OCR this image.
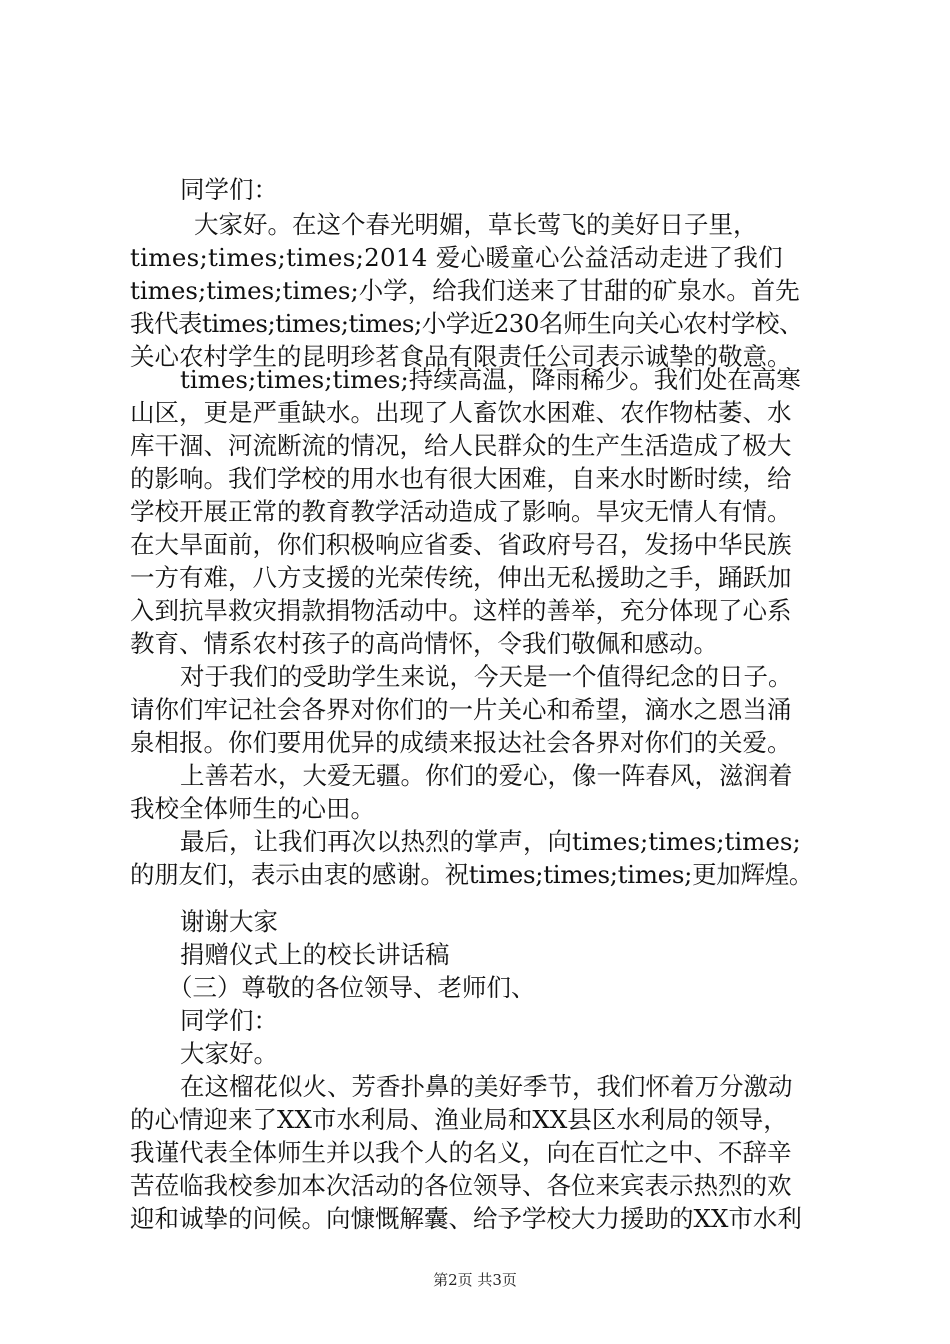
同学们：
大家好。在这个春光明媚，草长莺飞的美好日子里，
times;times;times;2014 爱心暖童心公益活动走进了我们
times;times;times;小学，给我们送来了甘甜的矿泉水。首先
我代表times;times;times;小学近230名师生向关心农村学校、
关心农村学生的昆明珍茗食品有限责任公司表示诚挚的敬意。
times;times;times;持续高温，降雨稀少。我们处在高寒
山区，更是严重缺水。出现了人畜饮水困难、农作物枯萎、水
库干涸、河流断流的情况，给人民群众的生产生活造成了极大
的影响。我们学校的用水也有很大困难，自来水时断时续，给
学校开展正常的教育教学活动造成了影响。旱灾无情人有情。
在大旱面前，你们积极响应省委、省政府号召，发扬中华民族
一方有难，八方支援的光荣传统，伸出无私援助之手，踊跃加
入到抗旱救灾捐款捐物活动中。这样的善举，充分体现了心系
教育、情系农村孩子的高尚情怀，令我们敬佩和感动。
对于我们的受助学生来说，今天是一个值得纪念的日子。
请你们牢记社会各界对你们的一片关心和希望，滴水之恩当涌
泉相报。你们要用优异的成绩来报达社会各界对你们的关爱。
上善若水，大爱无疆。你们的爱心，像一阵春风，滋润着
我校全体师生的心田。
最后，让我们再次以热烈的掌声，向times;times;times;
的朋友们，表示由衷的感谢。祝times;times;times;更加辉煌。
谢谢大家
捐赠仪式上的校长讲话稿
（三）尊敬的各位领导、老师们、
同学们：
大家好。
在这榴花似火、芳香扑鼻的美好季节，我们怀着万分激动
的心情迎来了XX市水利局、渔业局和XX县区水利局的领导，
我谨代表全体师生并以我个人的名义，向在百忙之中、不辞辛
苦莅临我校参加本次活动的各位领导、各位来宾表示热烈的欢
迎和诚挚的问候。向慷慨解囊、给予学校大力援助的XX市水利
第2页 共3页
